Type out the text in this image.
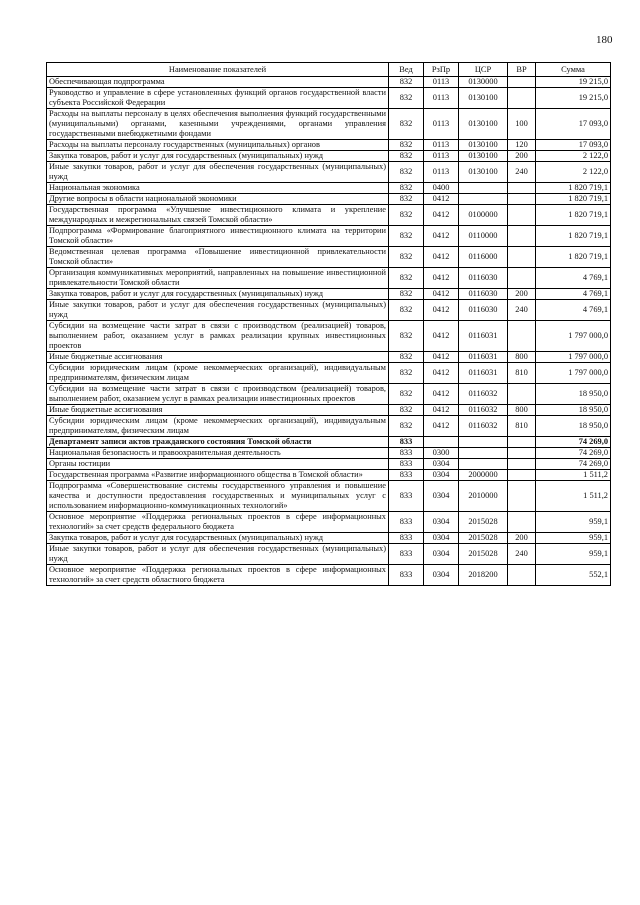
180
Наименование показателей	Вед	РзПр	ЦСР	ВР	Сумма
Обеспечивающая подпрограмма	832	0113	0130000		19 215,0
Руководство и управление в сфере установленных функций органов государственной власти субъекта Российской Федерации	832	0113	0130100		19 215,0
Расходы на выплаты персоналу в целях обеспечения выполнения функций государственными (муниципальными) органами, казенными учреждениями, органами управления государственными внебюджетными фондами	832	0113	0130100	100	17 093,0
Расходы на выплаты персоналу государственных (муниципальных) органов	832	0113	0130100	120	17 093,0
Закупка товаров, работ и услуг для государственных (муниципальных) нужд	832	0113	0130100	200	2 122,0
Иные закупки товаров, работ и услуг для обеспечения государственных (муниципальных) нужд	832	0113	0130100	240	2 122,0
Национальная экономика	832	0400			1 820 719,1
Другие вопросы в области национальной экономики	832	0412			1 820 719,1
Государственная программа «Улучшение инвестиционного климата и укрепление международных и межрегиональных связей Томской области»	832	0412	0100000		1 820 719,1
Подпрограмма «Формирование благоприятного инвестиционного климата на территории Томской области»	832	0412	0110000		1 820 719,1
Ведомственная целевая программа «Повышение инвестиционной привлекательности Томской области»	832	0412	0116000		1 820 719,1
Организация коммуникативных мероприятий, направленных на повышение инвестиционной привлекательности Томской области	832	0412	0116030		4 769,1
Закупка товаров, работ и услуг для государственных (муниципальных) нужд	832	0412	0116030	200	4 769,1
Иные закупки товаров, работ и услуг для обеспечения государственных (муниципальных) нужд	832	0412	0116030	240	4 769,1
Субсидии на возмещение части затрат в связи с производством (реализацией) товаров, выполнением работ, оказанием услуг в рамках реализации крупных инвестиционных проектов	832	0412	0116031		1 797 000,0
Иные бюджетные ассигнования	832	0412	0116031	800	1 797 000,0
Субсидии юридическим лицам (кроме некоммерческих организаций), индивидуальным предпринимателям, физическим лицам	832	0412	0116031	810	1 797 000,0
Субсидии на возмещение части затрат в связи с производством (реализацией) товаров, выполнением работ, оказанием услуг в рамках реализации инвестиционных проектов	832	0412	0116032		18 950,0
Иные бюджетные ассигнования	832	0412	0116032	800	18 950,0
Субсидии юридическим лицам (кроме некоммерческих организаций), индивидуальным предпринимателям, физическим лицам	832	0412	0116032	810	18 950,0
Департамент записи актов гражданского состояния Томской области	833				74 269,0
Национальная безопасность и правоохранительная деятельность	833	0300			74 269,0
Органы юстиции	833	0304			74 269,0
Государственная программа «Развитие информационного общества в Томской области»	833	0304	2000000		1 511,2
Подпрограмма «Совершенствование системы государственного управления и повышение качества и доступности предоставления государственных и муниципальных услуг с использованием информационно-коммуникационных технологий»	833	0304	2010000		1 511,2
Основное мероприятие «Поддержка региональных проектов в сфере информационных технологий» за счет средств федерального бюджета	833	0304	2015028		959,1
Закупка товаров, работ и услуг для государственных (муниципальных) нужд	833	0304	2015028	200	959,1
Иные закупки товаров, работ и услуг для обеспечения государственных (муниципальных) нужд	833	0304	2015028	240	959,1
Основное мероприятие «Поддержка региональных проектов в сфере информационных технологий» за счет средств областного бюджета	833	0304	2018200		552,1
